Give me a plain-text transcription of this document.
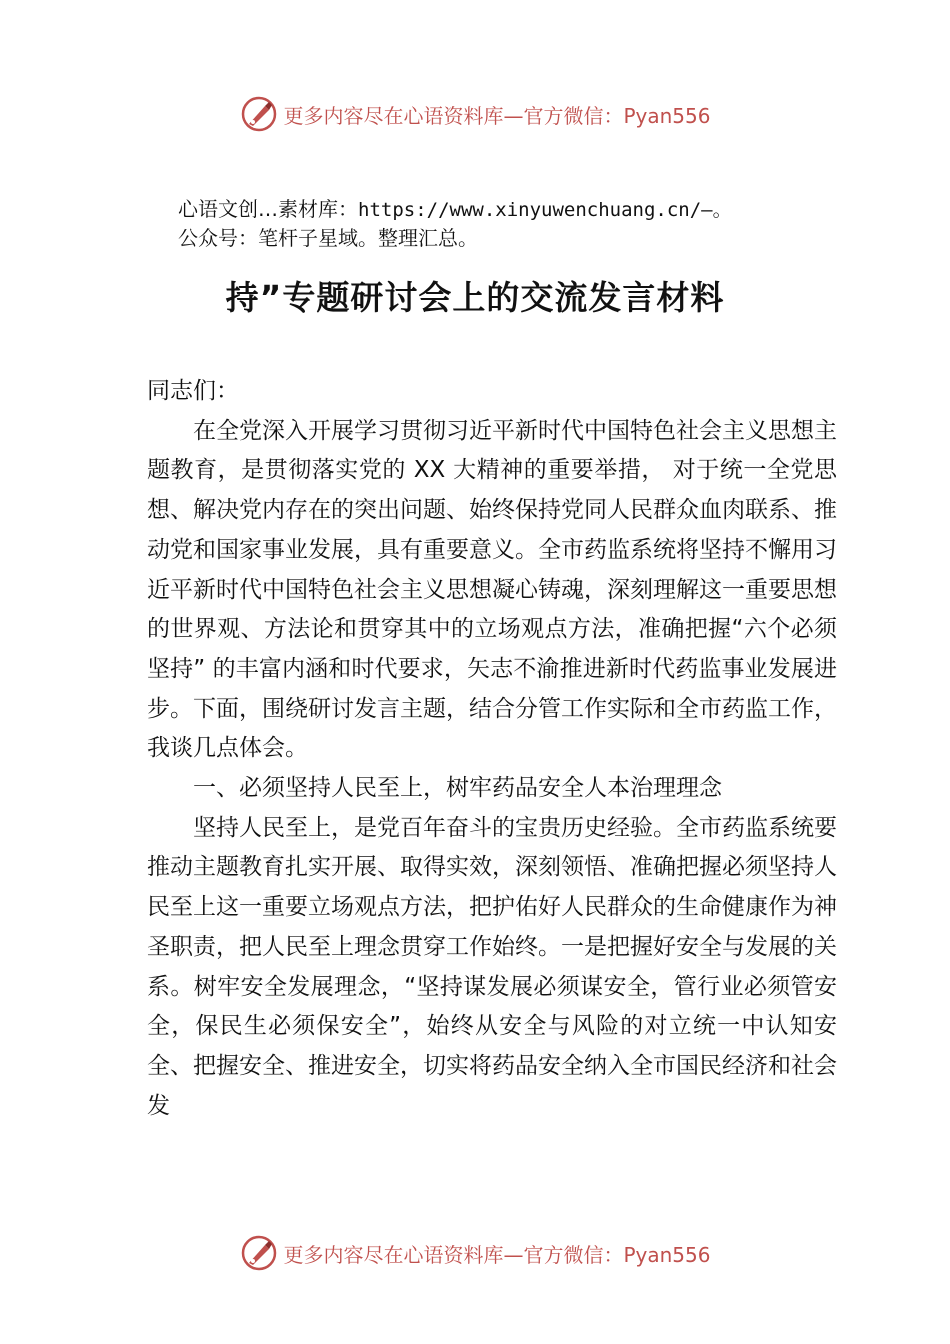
更多内容尽在心语资料库—官方微信：Pyan556
心语文创…素材库：https://www.xinyuwenchuang.cn/—。
公众号：笔杆子星域。整理汇总。
持”专题研讨会上的交流发言材料

同志们：

在全党深入开展学习贯彻习近平新时代中国特色社会主义思想主题教育，是贯彻落实党的 XX 大精神的重要举措， 对于统一全党思想、解决党内存在的突出问题、始终保持党同人民群众血肉联系、推动党和国家事业发展，具有重要意义。全市药监系统将坚持不懈用习近平新时代中国特色社会主义思想凝心铸魂，深刻理解这一重要思想的世界观、方法论和贯穿其中的立场观点方法，准确把握“六个必须坚持” 的丰富内涵和时代要求，矢志不渝推进新时代药监事业发展进步。下面，围绕研讨发言主题，结合分管工作实际和全市药监工作，我谈几点体会。

一、必须坚持人民至上，树牢药品安全人本治理理念

坚持人民至上，是党百年奋斗的宝贵历史经验。全市药监系统要推动主题教育扎实开展、取得实效，深刻领悟、准确把握必须坚持人民至上这一重要立场观点方法，把护佑好人民群众的生命健康作为神圣职责，把人民至上理念贯穿工作始终。一是把握好安全与发展的关系。树牢安全发展理念，“坚持谋发展必须谋安全，管行业必须管安全，保民生必须保安全”，始终从安全与风险的对立统一中认知安全、把握安全、推进安全，切实将药品安全纳入全市国民经济和社会发

更多内容尽在心语资料库—官方微信：Pyan556
